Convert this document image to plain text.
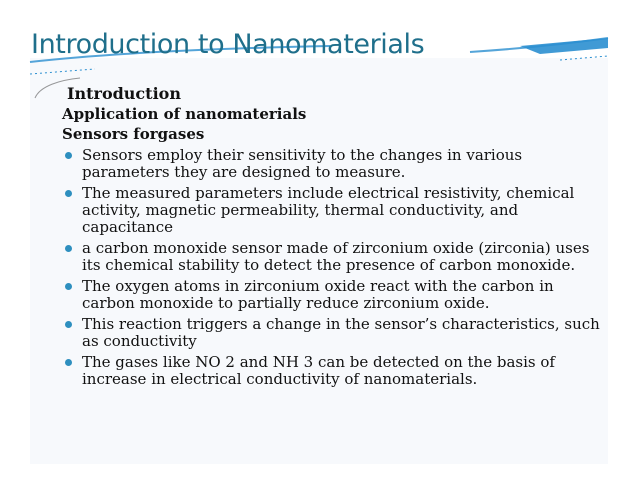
Introduction to Nanomaterials
Introduction
Application of nanomaterials
Sensors forgases
Sensors employ their sensitivity to the changes in various parameters they are designed to measure.
The measured parameters include electrical resistivity, chemical activity, magnetic permeability, thermal conductivity, and capacitance
a carbon monoxide sensor made of zirconium oxide (zirconia) uses its chemical stability to detect the presence of carbon monoxide.
The oxygen atoms in zirconium oxide react with the carbon in carbon monoxide to partially reduce zirconium oxide.
This reaction triggers a change in the sensor’s characteristics, such as conductivity
The gases like NO 2 and NH 3 can be detected on the basis of increase in electrical conductivity of nanomaterials.
